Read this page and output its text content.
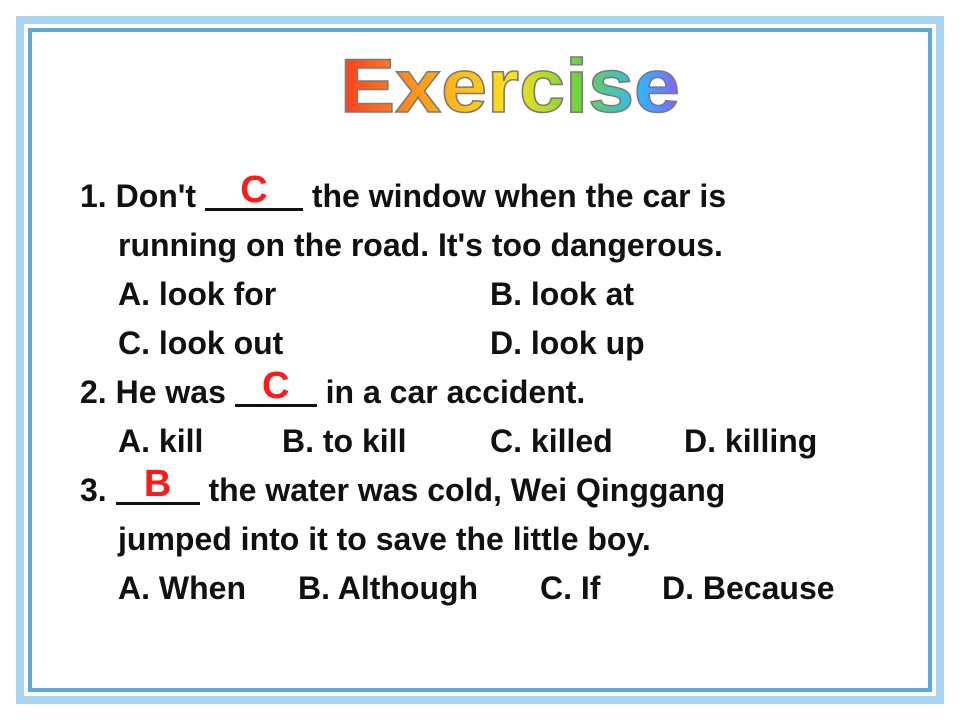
Exercise
1. Don't	C	the window when the car is
running on the road. It's too dangerous.
A. look for	B. look at
C. look out	D. look up
2. He was C	in a car accident.
A. kill B. to kill	C. killed D. killing
3. B	the water was cold, Wei Qinggang
jumped into it to save the little boy.
A. When B. Although C. If D. Because
